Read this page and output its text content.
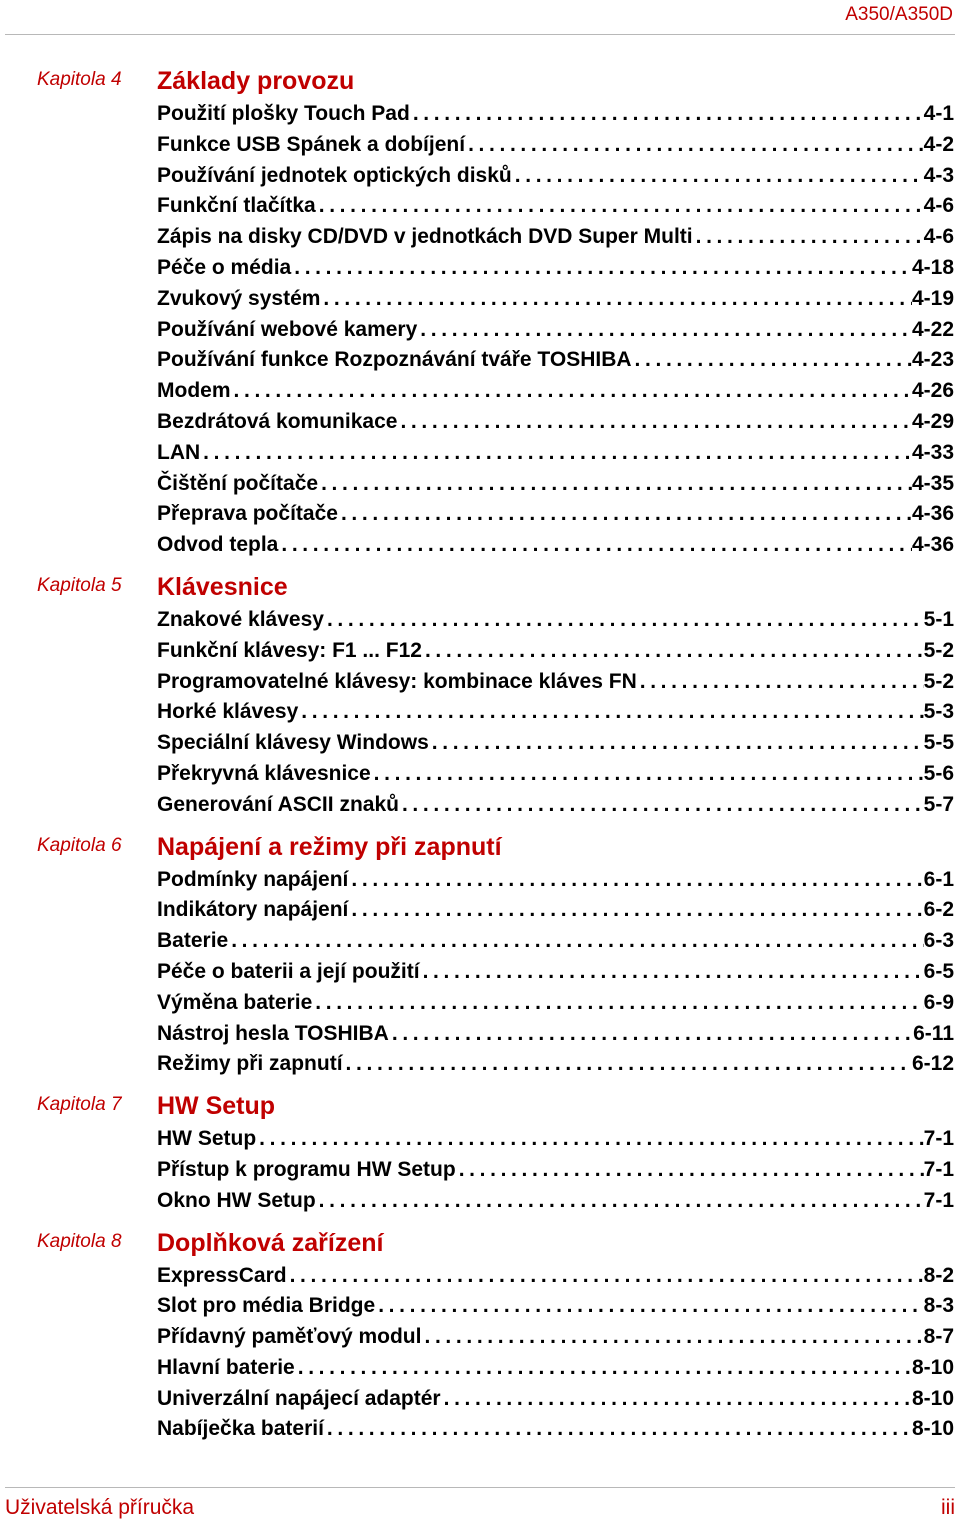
A350/A350D
Kapitola 4 Základy provozu
Použití plošky Touch Pad . . .	4-1
Funkce USB Spánek a dobíjení . . .	4-2
Používání jednotek optických disků . . .	4-3
Funkční tlačítka . . .	4-6
Zápis na disky CD/DVD v jednotkách DVD Super Multi . . .	4-6
Péče o média . . .	4-18
Zvukový systém . . .	4-19
Používání webové kamery . . .	4-22
Používání funkce Rozpoznávání tváře TOSHIBA . . .	4-23
Modem . . .	4-26
Bezdrátová komunikace . . .	4-29
LAN . . .	4-33
Čištění počítače . . .	4-35
Přeprava počítače . . .	4-36
Odvod tepla . . .	4-36
Kapitola 5 Klávesnice
Znakové klávesy . . .	5-1
Funkční klávesy: F1 ... F12 . . .	5-2
Programovatelné klávesy: kombinace kláves FN . . .	5-2
Horké klávesy . . .	5-3
Speciální klávesy Windows . . .	5-5
Překryvná klávesnice . . .	5-6
Generování ASCII znaků . . .	5-7
Kapitola 6 Napájení a režimy při zapnutí
Podmínky napájení . . .	6-1
Indikátory napájení . . .	6-2
Baterie . . .	6-3
Péče o baterii a její použití . . .	6-5
Výměna baterie . . .	6-9
Nástroj hesla TOSHIBA . . .	6-11
Režimy při zapnutí . . .	6-12
Kapitola 7 HW Setup
HW Setup . . .	7-1
Přístup k programu HW Setup . . .	7-1
Okno HW Setup . . .	7-1
Kapitola 8 Doplňková zařízení
ExpressCard . . .	8-2
Slot pro média Bridge . . .	8-3
Přídavný paměťový modul . . .	8-7
Hlavní baterie . . .	8-10
Univerzální napájecí adaptér . . .	8-10
Nabíječka baterií . . .	8-10
Uživatelská příručka	iii
